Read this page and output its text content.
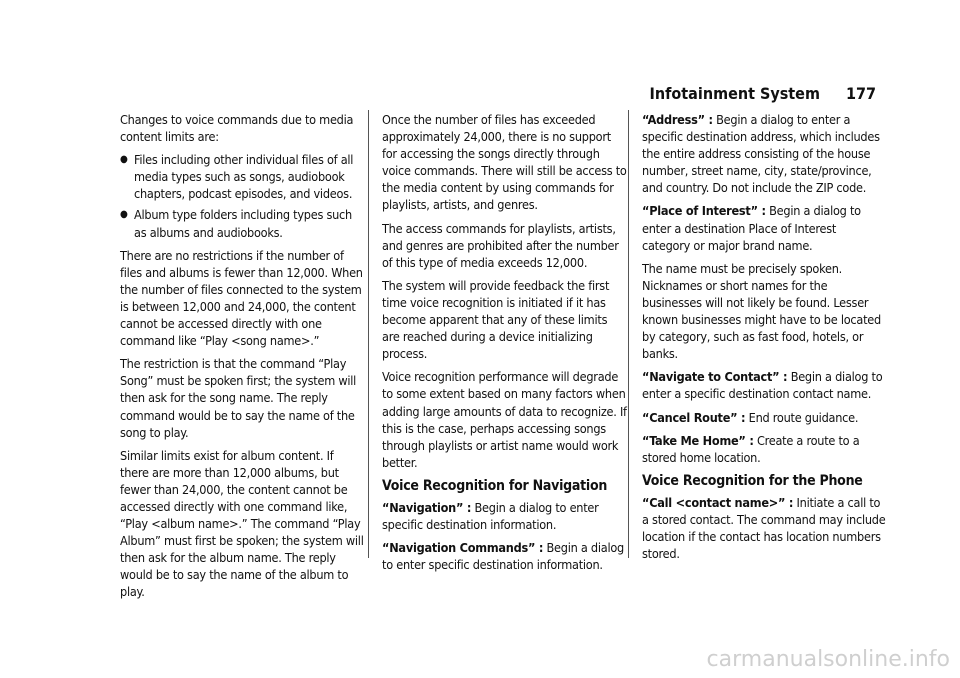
Infotainment System 177

Changes to voice commands due to media content limits are:

● Files including other individual files of all media types such as songs, audiobook chapters, podcast episodes, and videos.
● Album type folders including types such as albums and audiobooks.

There are no restrictions if the number of files and albums is fewer than 12,000. When the number of files connected to the system is between 12,000 and 24,000, the content cannot be accessed directly with one command like “Play <song name>.”

The restriction is that the command “Play Song” must be spoken first; the system will then ask for the song name. The reply command would be to say the name of the song to play.

Similar limits exist for album content. If there are more than 12,000 albums, but fewer than 24,000, the content cannot be accessed directly with one command like, “Play <album name>.” The command “Play Album” must first be spoken; the system will then ask for the album name. The reply would be to say the name of the album to play.

Once the number of files has exceeded approximately 24,000, there is no support for accessing the songs directly through voice commands. There will still be access to the media content by using commands for playlists, artists, and genres.

The access commands for playlists, artists, and genres are prohibited after the number of this type of media exceeds 12,000.

The system will provide feedback the first time voice recognition is initiated if it has become apparent that any of these limits are reached during a device initializing process.

Voice recognition performance will degrade to some extent based on many factors when adding large amounts of data to recognize. If this is the case, perhaps accessing songs through playlists or artist name would work better.

Voice Recognition for Navigation

“Navigation” : Begin a dialog to enter specific destination information.

“Navigation Commands” : Begin a dialog to enter specific destination information.

“Address” : Begin a dialog to enter a specific destination address, which includes the entire address consisting of the house number, street name, city, state/province, and country. Do not include the ZIP code.

“Place of Interest” : Begin a dialog to enter a destination Place of Interest category or major brand name.

The name must be precisely spoken. Nicknames or short names for the businesses will not likely be found. Lesser known businesses might have to be located by category, such as fast food, hotels, or banks.

“Navigate to Contact” : Begin a dialog to enter a specific destination contact name.

“Cancel Route” : End route guidance.

“Take Me Home” : Create a route to a stored home location.

Voice Recognition for the Phone

“Call <contact name>” : Initiate a call to a stored contact. The command may include location if the contact has location numbers stored.

carmanualsonline.info
